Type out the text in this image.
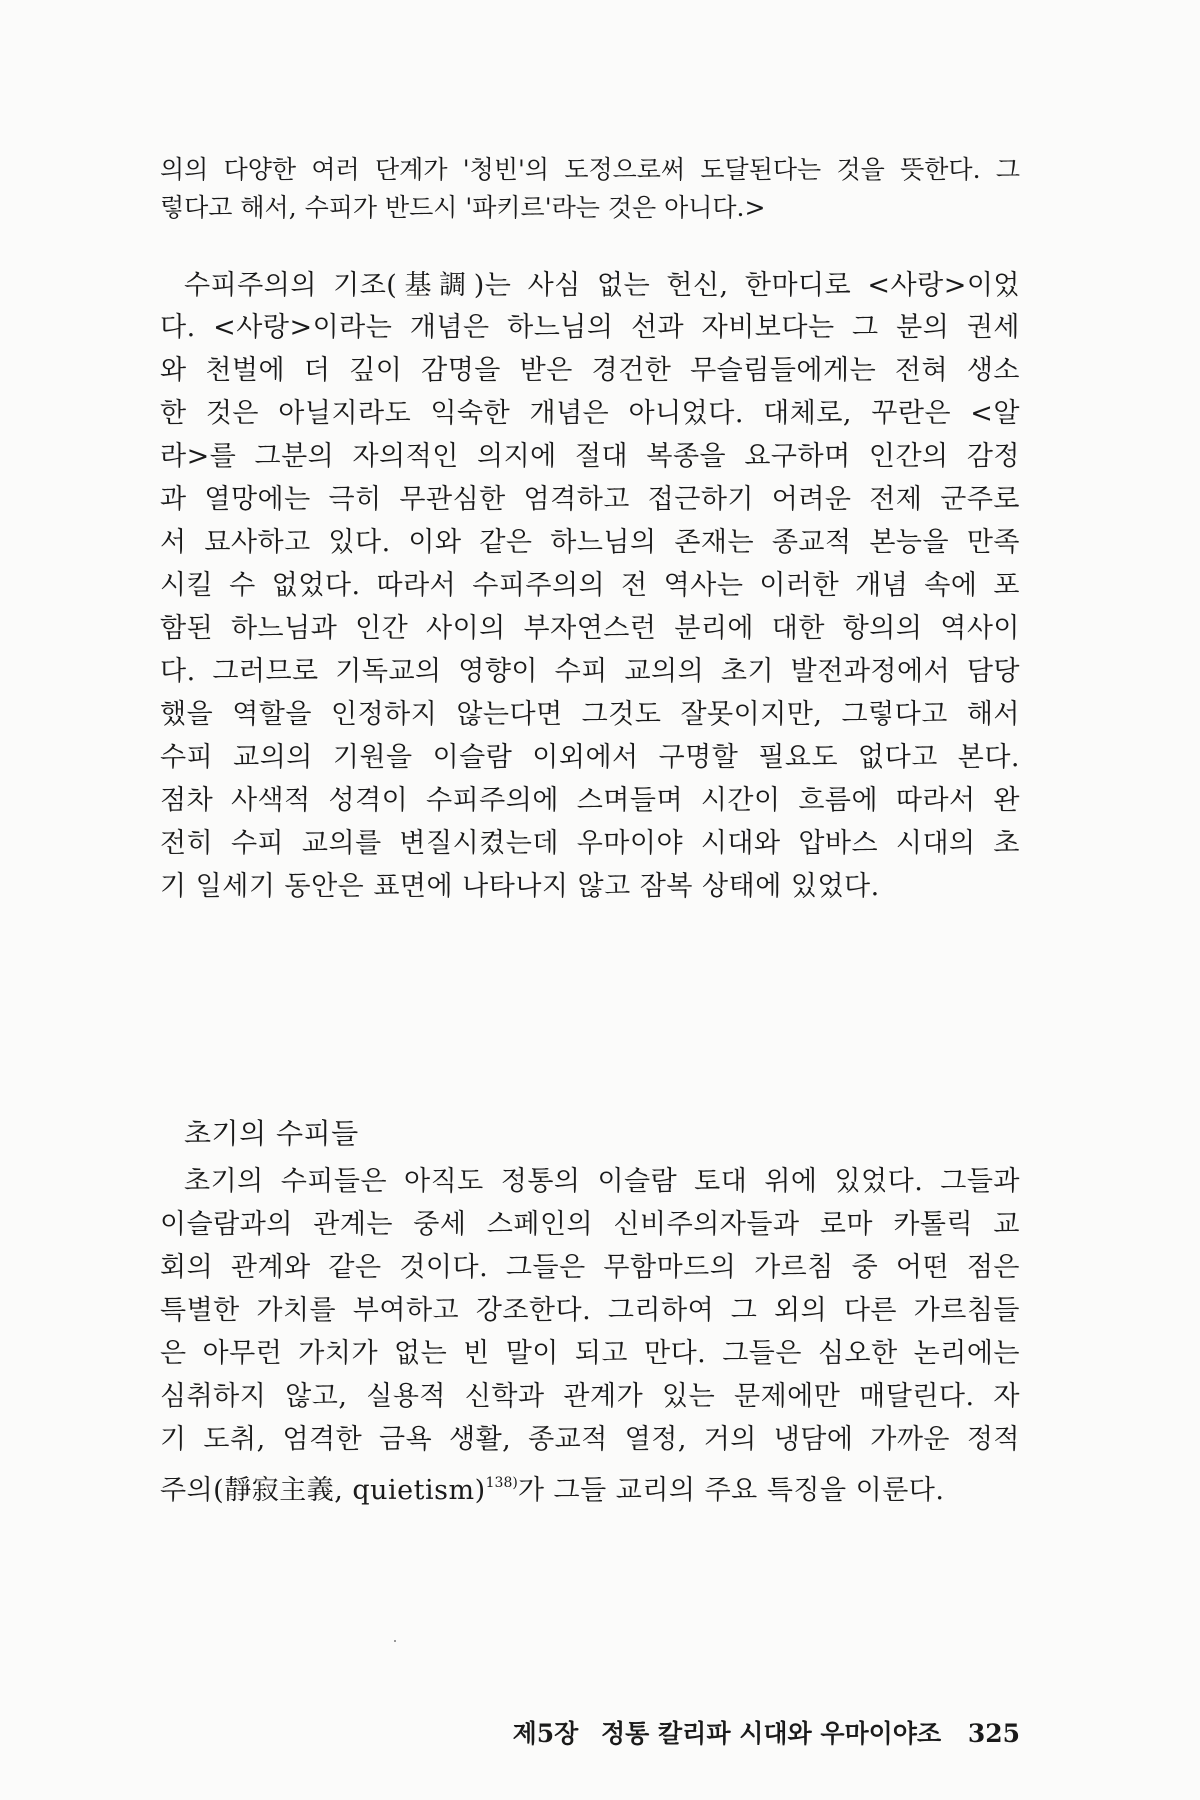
의의 다양한 여러 단계가 '청빈'의 도정으로써 도달된다는 것을 뜻한다. 그
렇다고 해서, 수피가 반드시 '파키르'라는 것은 아니다.>
수피주의의 기조(基調)는 사심 없는 헌신, 한마디로 <사랑>이었
다. <사랑>이라는 개념은 하느님의 선과 자비보다는 그 분의 권세
와 천벌에 더 깊이 감명을 받은 경건한 무슬림들에게는 전혀 생소
한 것은 아닐지라도 익숙한 개념은 아니었다. 대체로, 꾸란은 <알
라>를 그분의 자의적인 의지에 절대 복종을 요구하며 인간의 감정
과 열망에는 극히 무관심한 엄격하고 접근하기 어려운 전제 군주로
서 묘사하고 있다. 이와 같은 하느님의 존재는 종교적 본능을 만족
시킬 수 없었다. 따라서 수피주의의 전 역사는 이러한 개념 속에 포
함된 하느님과 인간 사이의 부자연스런 분리에 대한 항의의 역사이
다. 그러므로 기독교의 영향이 수피 교의의 초기 발전과정에서 담당
했을 역할을 인정하지 않는다면 그것도 잘못이지만, 그렇다고 해서
수피 교의의 기원을 이슬람 이외에서 구명할 필요도 없다고 본다.
점차 사색적 성격이 수피주의에 스며들며 시간이 흐름에 따라서 완
전히 수피 교의를 변질시켰는데 우마이야 시대와 압바스 시대의 초
기 일세기 동안은 표면에 나타나지 않고 잠복 상태에 있었다.
초기의 수피들
초기의 수피들은 아직도 정통의 이슬람 토대 위에 있었다. 그들과
이슬람과의 관계는 중세 스페인의 신비주의자들과 로마 카톨릭 교
회의 관계와 같은 것이다. 그들은 무함마드의 가르침 중 어떤 점은
특별한 가치를 부여하고 강조한다. 그리하여 그 외의 다른 가르침들
은 아무런 가치가 없는 빈 말이 되고 만다. 그들은 심오한 논리에는
심취하지 않고, 실용적 신학과 관계가 있는 문제에만 매달린다. 자
기 도취, 엄격한 금욕 생활, 종교적 열정, 거의 냉담에 가까운 정적
주의(靜寂主義, quietism)$^{138)}$가 그들 교리의 주요 특징을 이룬다.
제5장 정통 칼리파 시대와 우마이야조 325
